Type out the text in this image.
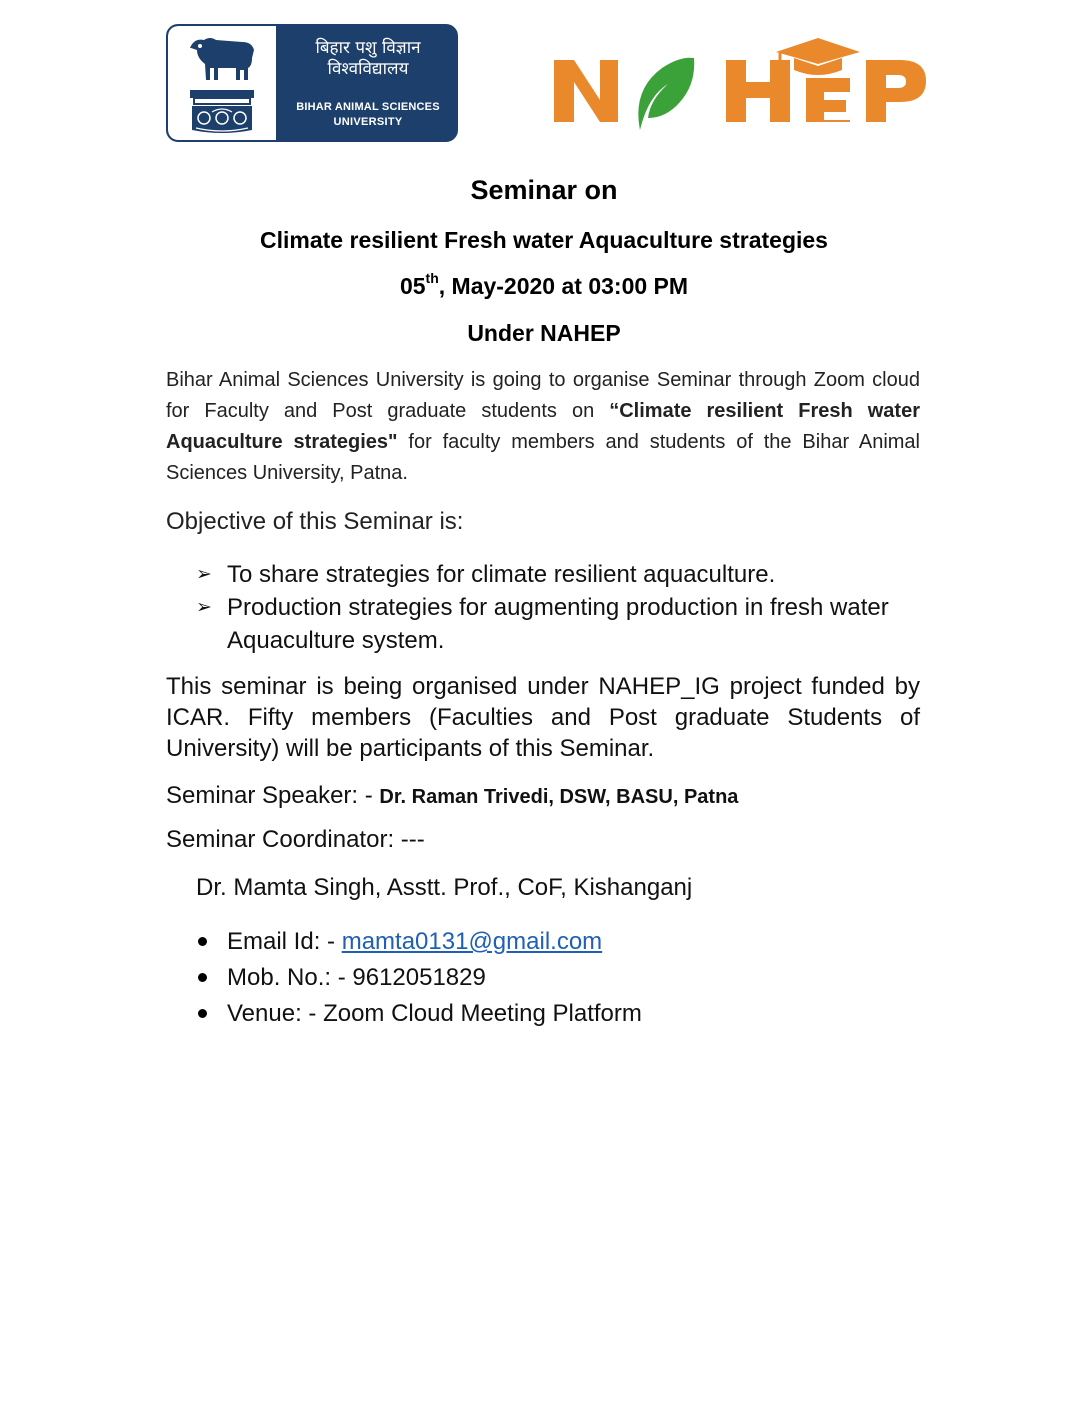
बिहार पशु विज्ञान
विश्वविद्यालय
BIHAR ANIMAL SCIENCES
UNIVERSITY
Seminar on
Climate resilient Fresh water Aquaculture strategies
05th, May-2020 at 03:00 PM
Under NAHEP
Bihar Animal Sciences University is going to organise Seminar through Zoom cloud for Faculty and Post graduate students on “Climate resilient Fresh water Aquaculture strategies" for faculty members and students of the Bihar Animal Sciences University, Patna.
Objective of this Seminar is:
➢ To share strategies for climate resilient aquaculture.
➢ Production strategies for augmenting production in fresh water Aquaculture system.
This seminar is being organised under NAHEP_IG project funded by ICAR. Fifty members (Faculties and Post graduate Students of University) will be participants of this Seminar.
Seminar Speaker: - Dr. Raman Trivedi, DSW, BASU, Patna
Seminar Coordinator: ---
Dr. Mamta Singh, Asstt. Prof., CoF, Kishanganj
Email Id: - mamta0131@gmail.com
Mob. No.: - 9612051829
Venue: - Zoom Cloud Meeting Platform
